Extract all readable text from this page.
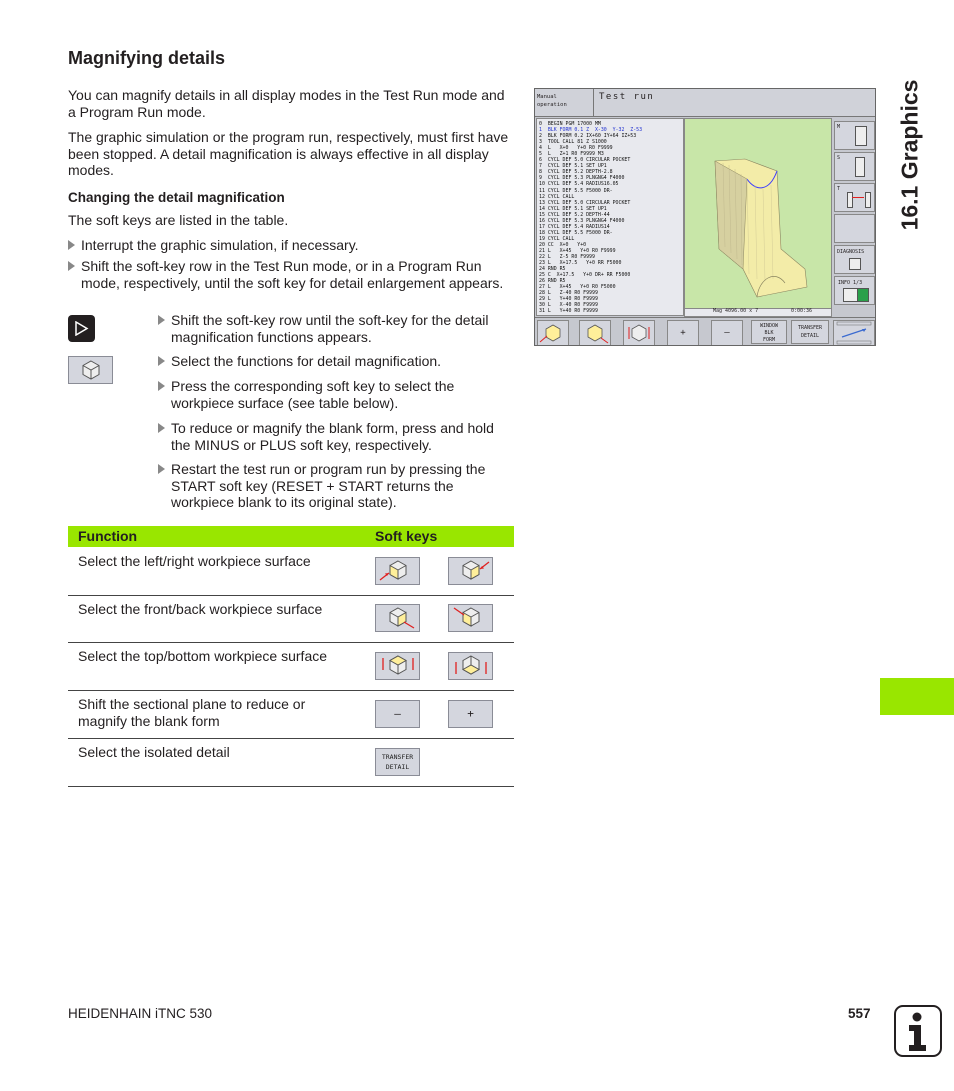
Magnifying details

You can magnify details in all display modes in the Test Run mode and a Program Run mode.

The graphic simulation or the program run, respectively, must first have been stopped. A detail magnification is always effective in all display modes.

Changing the detail magnification

The soft keys are listed in the table.

Interrupt the graphic simulation, if necessary.
Shift the soft-key row in the Test Run mode, or in a Program Run mode, respectively, until the soft key for detail enlargement appears.
Shift the soft-key row until the soft-key for the detail magnification functions appears.
Select the functions for detail magnification.
Press the corresponding soft key to select the workpiece surface (see table below).
To reduce or magnify the blank form, press and hold the MINUS or PLUS soft key, respectively.
Restart the test run or program run by pressing the START soft key (RESET + START returns the workpiece blank to its original state).
Function	Soft keys
Select the left/right workpiece surface
Select the front/back workpiece surface
Select the top/bottom workpiece surface
Shift the sectional plane to reduce or magnify the blank form	–	+
Select the isolated detail	TRANSFER
DETAIL
Manual
operation
Test run
0  BEGIN PGM 17000 MM
1  BLK FORM 0.1 Z  X-30  Y-32  Z-53
2  BLK FORM 0.2 IX+60 IY+64 IZ+53
3  TOOL CALL 81 Z S1000
4  L   X+0   Y+0 R0 F9999
5  L   Z+1 R0 F9999 M3
6  CYCL DEF 5.0 CIRCULAR POCKET
7  CYCL DEF 5.1 SET UP1
8  CYCL DEF 5.2 DEPTH-2.8
9  CYCL DEF 5.3 PLNGNG4 F4000
10 CYCL DEF 5.4 RADIUS16.05
11 CYCL DEF 5.5 F5000 DR-
12 CYCL CALL
13 CYCL DEF 5.0 CIRCULAR POCKET
14 CYCL DEF 5.1 SET UP1
15 CYCL DEF 5.2 DEPTH-44
16 CYCL DEF 5.3 PLNGNG4 F4000
17 CYCL DEF 5.4 RADIUS14
18 CYCL DEF 5.5 F5000 DR-
19 CYCL CALL
20 CC  X+0   Y+0
21 L   X+45   Y+0 R0 F9999
22 L   Z-5 R0 F9999
23 L   X+17.5   Y+0 RR F5000
24 RND R5
25 C  X+17.5   Y+0 DR+ RR F5000
26 RND R5
27 L   X+45   Y+0 R0 F5000
28 L   Z-40 R0 F9999
29 L   Y+40 R0 F9999
30 L   X-40 R0 F9999
31 L   Y+40 R0 F9999	Mag 4096.00 x 7	0:00:36
M
S
T
DIAGNOSIS
INFO 1/3
+	–
WINDOW
BLK
FORM
TRANSFER
DETAIL
16.1 Graphics
HEIDENHAIN iTNC 530	557
